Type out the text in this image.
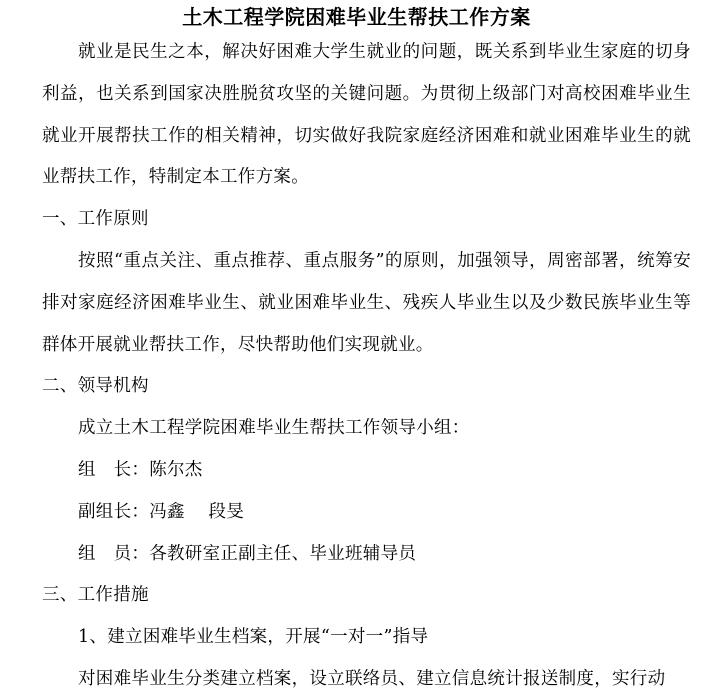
土木工程学院困难毕业生帮扶工作方案

就业是民生之本，解决好困难大学生就业的问题，既关系到毕业生家庭的切身利益，也关系到国家决胜脱贫攻坚的关键问题。为贯彻上级部门对高校困难毕业生就业开展帮扶工作的相关精神，切实做好我院家庭经济困难和就业困难毕业生的就业帮扶工作，特制定本工作方案。

一、工作原则

按照“重点关注、重点推荐、重点服务”的原则，加强领导，周密部署，统筹安排对家庭经济困难毕业生、就业困难毕业生、残疾人毕业生以及少数民族毕业生等群体开展就业帮扶工作，尽快帮助他们实现就业。

二、领导机构

成立土木工程学院困难毕业生帮扶工作领导小组：

组　长：陈尔杰

副组长：冯鑫　 段旻

组　员：各教研室正副主任、毕业班辅导员

三、工作措施

1、建立困难毕业生档案，开展“一对一”指导

对困难毕业生分类建立档案，设立联络员、建立信息统计报送制度，实行动
